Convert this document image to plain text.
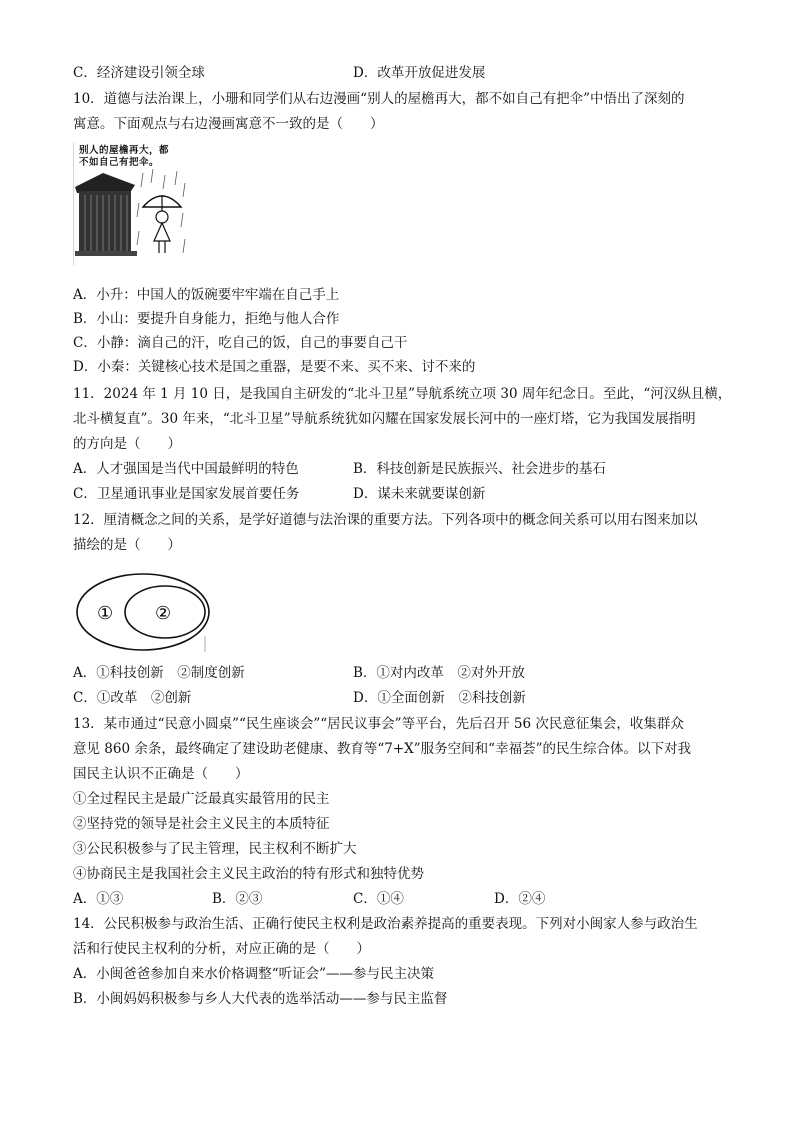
C．经济建设引领全球	D．改革开放促进发展
10．道德与法治课上，小珊和同学们从右边漫画“别人的屋檐再大，都不如自己有把伞”中悟出了深刻的
寓意。下面观点与右边漫画寓意不一致的是（　　）
别人的屋檐再大，都
不如自己有把伞。
A．小升：中国人的饭碗要牢牢端在自己手上
B．小山：要提升自身能力，拒绝与他人合作
C．小静：滴自己的汗，吃自己的饭，自己的事要自己干
D．小秦：关键核心技术是国之重器，是要不来、买不来、讨不来的
11．2024 年 1 月 10 日，是我国自主研发的“北斗卫星”导航系统立项 30 周年纪念日。至此，“河汉纵且横，
北斗横复直”。30 年来，“北斗卫星”导航系统犹如闪耀在国家发展长河中的一座灯塔，它为我国发展指明
的方向是（　　）
A．人才强国是当代中国最鲜明的特色	B．科技创新是民族振兴、社会进步的基石
C．卫星通讯事业是国家发展首要任务	D．谋未来就要谋创新
12．厘清概念之间的关系，是学好道德与法治课的重要方法。下列各项中的概念间关系可以用右图来加以
描绘的是（　　）
① ②
A．①科技创新　②制度创新	B．①对内改革　②对外开放
C．①改革　②创新	D．①全面创新　②科技创新
13．某市通过“民意小圆桌”“民生座谈会”“居民议事会”等平台，先后召开 56 次民意征集会，收集群众
意见 860 余条，最终确定了建设助老健康、教育等“7+X”服务空间和“幸福荟”的民生综合体。以下对我
国民主认识不正确是（　　）
①全过程民主是最广泛最真实最管用的民主
②坚持党的领导是社会主义民主的本质特征
③公民积极参与了民主管理，民主权利不断扩大
④协商民主是我国社会主义民主政治的特有形式和独特优势
A．①③	B．②③	C．①④	D．②④
14．公民积极参与政治生活、正确行使民主权利是政治素养提高的重要表现。下列对小闽家人参与政治生
活和行使民主权利的分析，对应正确的是（　　）
A．小闽爸爸参加自来水价格调整“听证会”——参与民主决策
B．小闽妈妈积极参与乡人大代表的选举活动——参与民主监督
